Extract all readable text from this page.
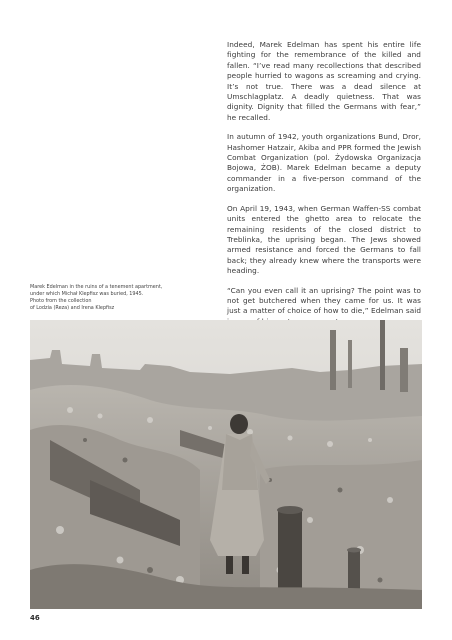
Indeed, Marek Edelman has spent his entire life fighting for the remembrance of the killed and fallen. “I’ve read many recollections that described people hurried to wagons as screaming and crying. It’s not true. There was a dead silence at Umschlagplatz. A deadly quietness. That was dignity. Dignity that filled the Germans with fear,” he recalled.

In autumn of 1942, youth organizations Bund, Dror, Hashomer Hatzair, Akiba and PPR formed the Jewish Combat Organization (pol. Żydowska Organizacja Bojowa, ŻOB). Marek Edelman became a deputy commander in a five-person command of the organization.

On April 19, 1943, when German Waffen-SS combat units entered the ghetto area to relocate the remaining residents of the closed district to Treblinka, the uprising began. The Jews showed armed resistance and forced the Germans to fall back; they already knew where the transports were heading.

“Can you even call it an uprising? The point was to not get butchered when they came for us. It was just a matter of choice of how to die,” Edelman said

Marek Edelman in the ruins of a tenement apartment,
under which Michał Klepfisz was buried, 1945.
Photo from the collection
of Lodzia (Reza) and Irena Klepfisz
46
